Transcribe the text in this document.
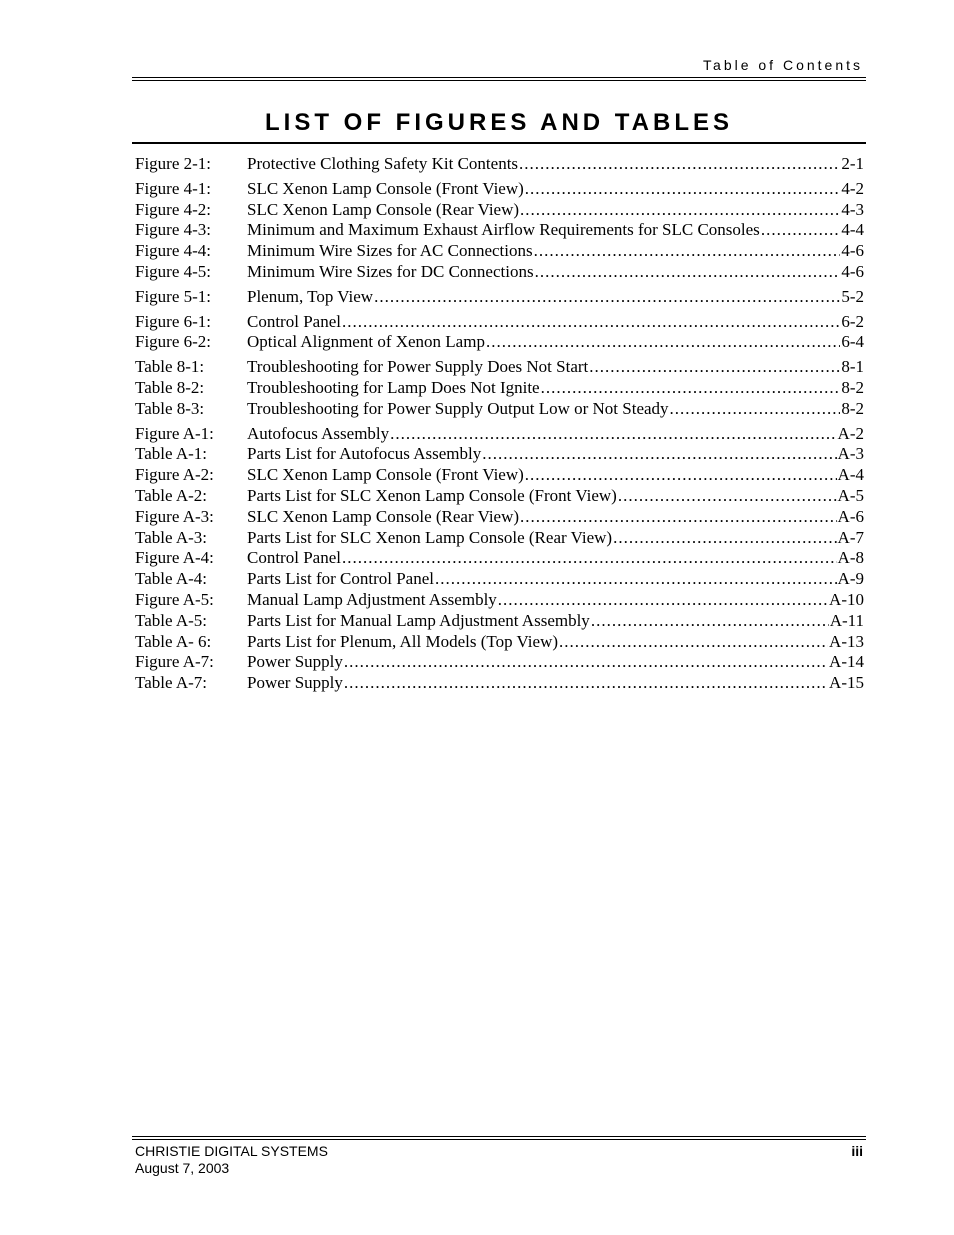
Table of Contents
LIST OF FIGURES AND TABLES
Figure 2-1:	Protective Clothing Safety Kit Contents .....	2-1
Figure 4-1:	SLC Xenon Lamp Console (Front View) .....	4-2
Figure 4-2:	SLC Xenon Lamp Console (Rear View) .....	4-3
Figure 4-3:	Minimum and Maximum Exhaust Airflow Requirements for SLC Consoles .....	4-4
Figure 4-4:	Minimum Wire Sizes for AC Connections .....	4-6
Figure 4-5:	Minimum Wire Sizes for DC Connections .....	4-6
Figure 5-1:	Plenum, Top View .....	5-2
Figure 6-1:	Control Panel .....	6-2
Figure 6-2:	Optical Alignment of Xenon Lamp .....	6-4
Table 8-1:	Troubleshooting for Power Supply Does Not Start .....	8-1
Table 8-2:	Troubleshooting for Lamp Does Not Ignite .....	8-2
Table 8-3:	Troubleshooting for Power Supply Output Low or Not Steady .....	8-2
Figure A-1:	Autofocus Assembly .....	A-2
Table A-1:	Parts List for Autofocus Assembly .....	A-3
Figure A-2:	SLC Xenon Lamp Console (Front View) .....	A-4
Table A-2:	Parts List for SLC Xenon Lamp Console (Front View) .....	A-5
Figure A-3:	SLC Xenon Lamp Console (Rear View) .....	A-6
Table A-3:	Parts List for SLC Xenon Lamp Console (Rear View) .....	A-7
Figure A-4:	Control Panel .....	A-8
Table A-4:	Parts List for Control Panel .....	A-9
Figure A-5:	Manual Lamp Adjustment Assembly .....	A-10
Table A-5:	Parts List for Manual Lamp Adjustment Assembly .....	A-11
Table A- 6:	Parts List for Plenum, All Models (Top View) .....	A-13
Figure A-7:	Power Supply .....	A-14
Table A-7:	Power Supply .....	A-15
CHRISTIE DIGITAL SYSTEMS
August 7, 2003
iii
